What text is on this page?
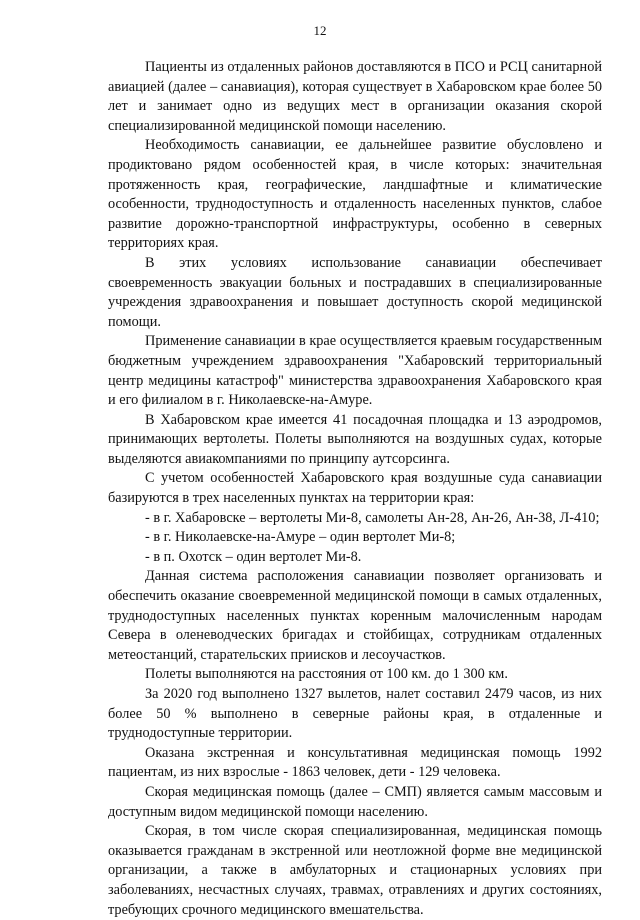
12

Пациенты из отдаленных районов доставляются в ПСО и РСЦ санитарной авиацией (далее – санавиация), которая существует в Хабаровском крае более 50 лет и занимает одно из ведущих мест в организации оказания скорой специализированной медицинской помощи населению.

Необходимость санавиации, ее дальнейшее развитие обусловлено и продиктовано рядом особенностей края, в числе которых: значительная протяженность края, географические, ландшафтные и климатические особенности, труднодоступность и отдаленность населенных пунктов, слабое развитие дорожно-транспортной инфраструктуры, особенно в северных территориях края.

В этих условиях использование санавиации обеспечивает своевременность эвакуации больных и пострадавших в специализированные учреждения здравоохранения и повышает доступность скорой медицинской помощи.

Применение санавиации в крае осуществляется краевым государственным бюджетным учреждением здравоохранения "Хабаровский территориальный центр медицины катастроф" министерства здравоохранения Хабаровского края и его филиалом в г. Николаевске-на-Амуре.

В Хабаровском крае имеется 41 посадочная площадка и 13 аэродромов, принимающих вертолеты. Полеты выполняются на воздушных судах, которые выделяются авиакомпаниями по принципу аутсорсинга.

С учетом особенностей Хабаровского края воздушные суда санавиации базируются в трех населенных пунктах на территории края:

- в г. Хабаровске – вертолеты Ми-8, самолеты Ан-28, Ан-26, Ан-38, Л-410;

- в г. Николаевске-на-Амуре – один вертолет Ми-8;

- в п. Охотск – один вертолет Ми-8.

Данная система расположения санавиации позволяет организовать и обеспечить оказание своевременной медицинской помощи в самых отдаленных, труднодоступных населенных пунктах коренным малочисленным народам Севера в оленеводческих бригадах и стойбищах, сотрудникам отдаленных метеостанций, старательских приисков и лесоучастков.

Полеты выполняются на расстояния от 100 км. до 1 300 км.

За 2020 год выполнено 1327 вылетов, налет составил 2479 часов, из них более 50 % выполнено в северные районы края, в отдаленные и труднодоступные территории.

Оказана экстренная и консультативная медицинская помощь 1992 пациентам, из них взрослые - 1863 человек, дети - 129 человека.

Скорая медицинская помощь (далее – СМП) является самым массовым и доступным видом медицинской помощи населению.

Скорая, в том числе скорая специализированная, медицинская помощь оказывается гражданам в экстренной или неотложной форме вне медицинской организации, а также в амбулаторных и стационарных условиях при заболеваниях, несчастных случаях, травмах, отравлениях и других состояниях, требующих срочного медицинского вмешательства.
